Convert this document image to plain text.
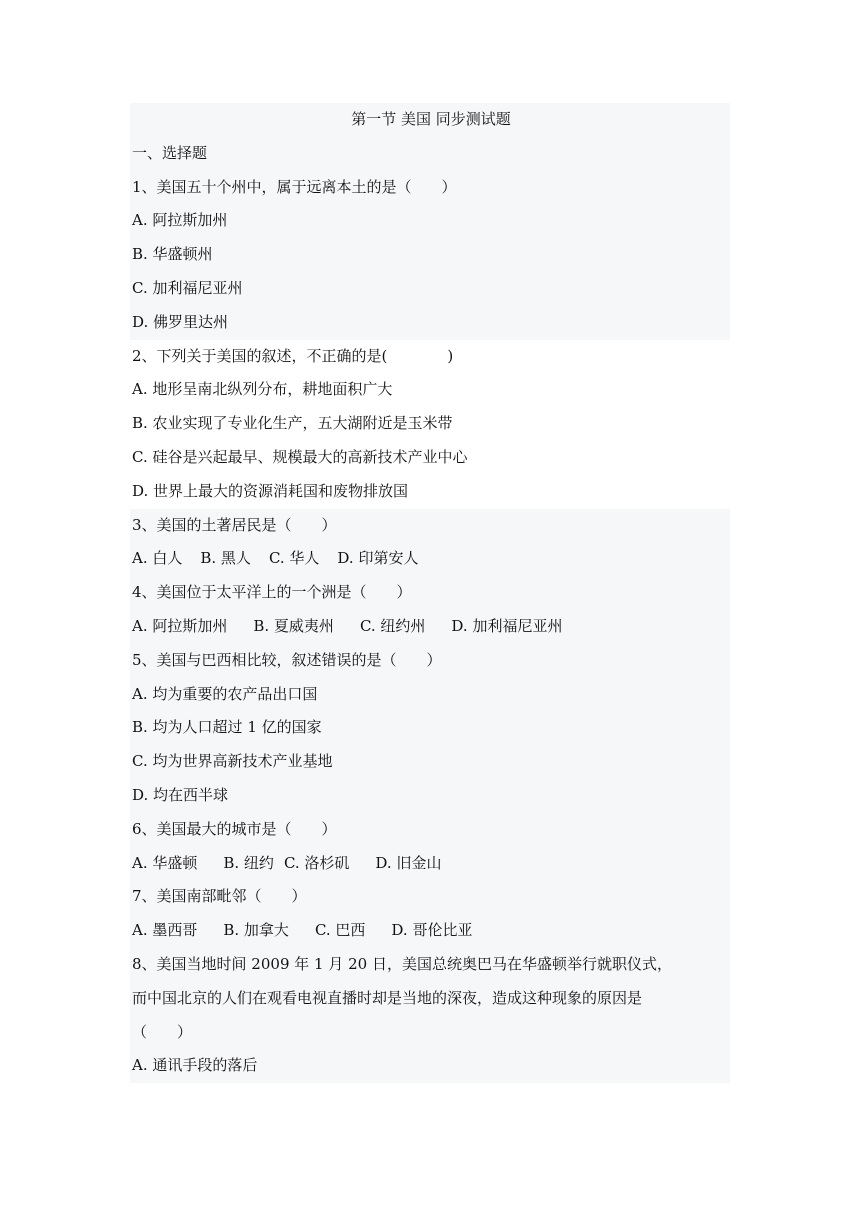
第一节 美国 同步测试题
一、选择题
1、美国五十个州中，属于远离本土的是（　　）
A. 阿拉斯加州
B. 华盛顿州
C. 加利福尼亚州
D. 佛罗里达州
2、下列关于美国的叙述，不正确的是(　　　　)
A. 地形呈南北纵列分布，耕地面积广大
B. 农业实现了专业化生产，五大湖附近是玉米带
C. 硅谷是兴起最早、规模最大的高新技术产业中心
D. 世界上最大的资源消耗国和废物排放国
3、美国的土著居民是（　　）
A. 白人 B. 黑人 C. 华人 D. 印第安人
4、美国位于太平洋上的一个洲是（　　）
A. 阿拉斯加州 B. 夏威夷州 C. 纽约州 D. 加利福尼亚州
5、美国与巴西相比较，叙述错误的是（　　）
A. 均为重要的农产品出口国
B. 均为人口超过 1 亿的国家
C. 均为世界高新技术产业基地
D. 均在西半球
6、美国最大的城市是（　　）
A. 华盛顿 B. 纽约 C. 洛杉矶 D. 旧金山
7、美国南部毗邻（　　）
A. 墨西哥 B. 加拿大 C. 巴西 D. 哥伦比亚
8、美国当地时间 2009 年 1 月 20 日，美国总统奥巴马在华盛顿举行就职仪式，
而中国北京的人们在观看电视直播时却是当地的深夜，造成这种现象的原因是
（　　）
A. 通讯手段的落后
